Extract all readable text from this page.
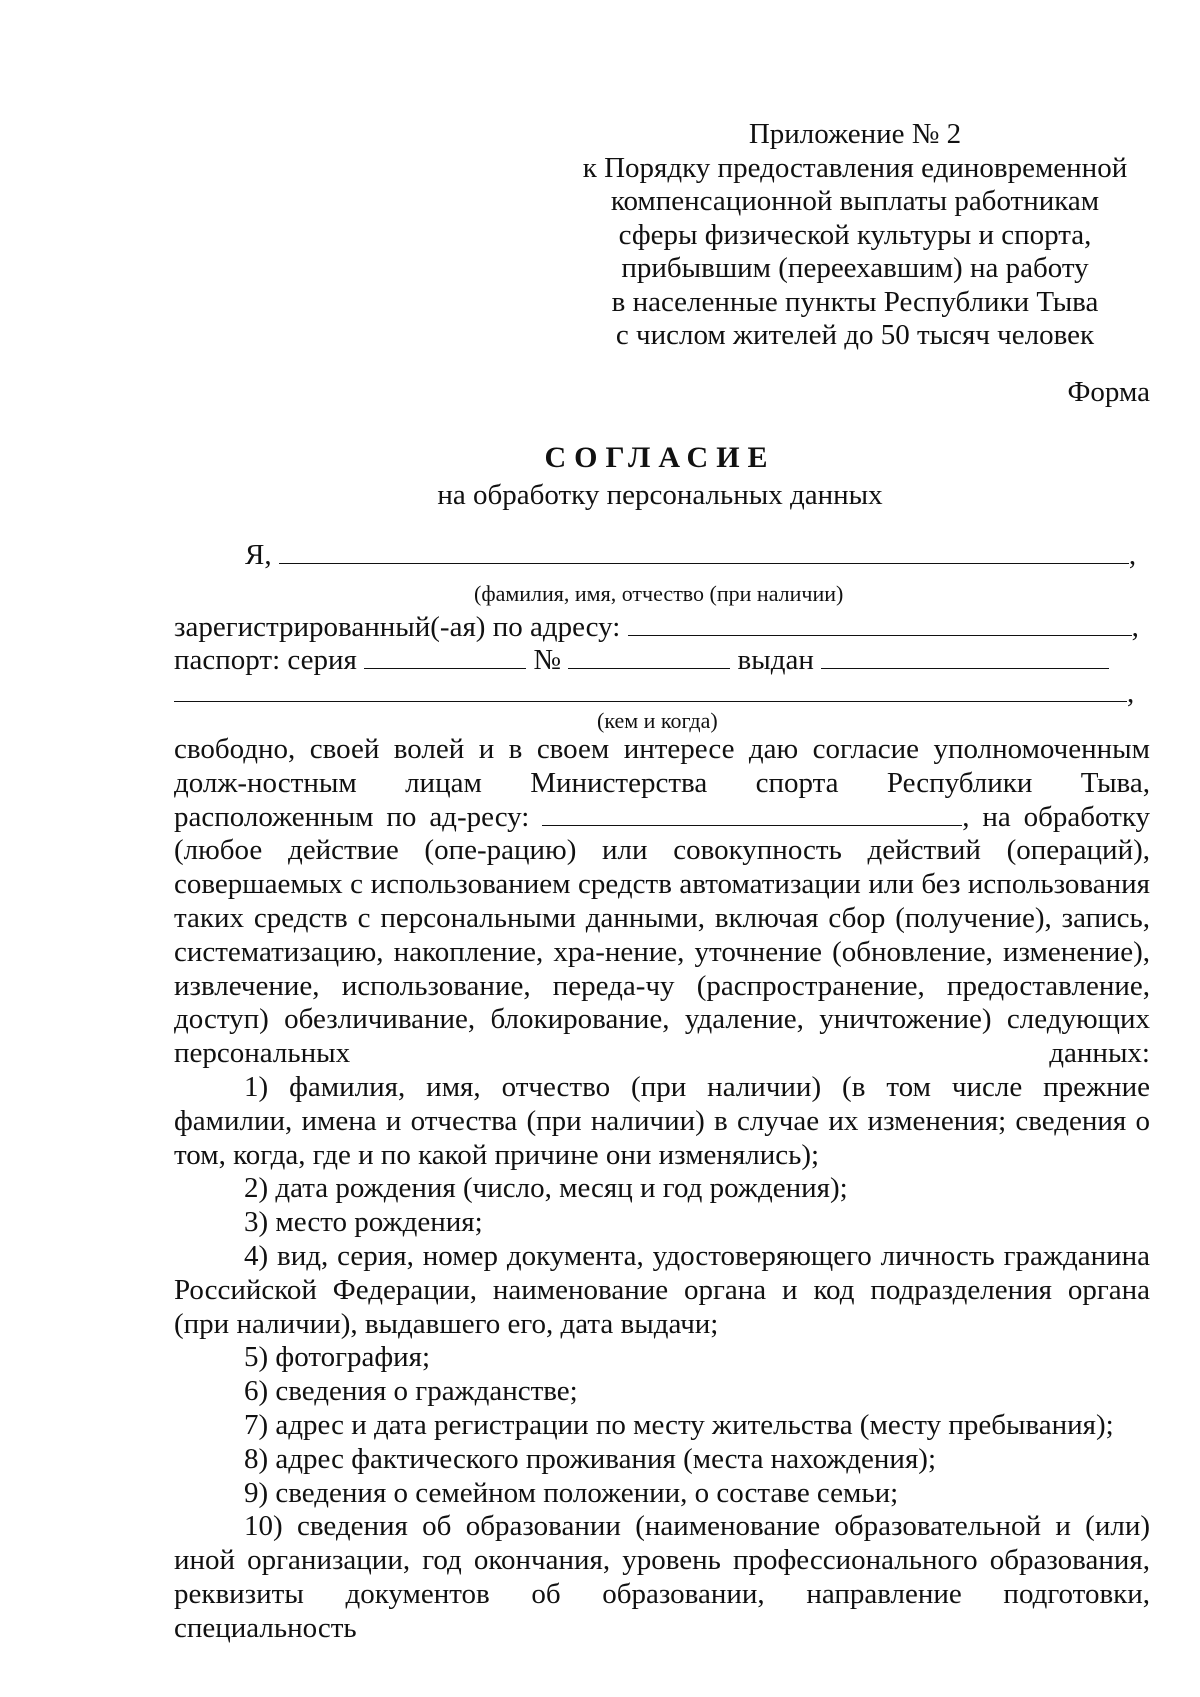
Приложение № 2
к Порядку предоставления единовременной
компенсационной выплаты работникам
сферы физической культуры и спорта,
прибывшим (переехавшим) на работу
в населенные пункты Республики Тыва
с числом жителей до 50 тысяч человек
Форма
СОГЛАСИЕ
на обработку персональных данных
Я,	,
(фамилия, имя, отчество (при наличии)
зарегистрированный(-ая) по адресу:	,
паспорт: серия	№	выдан
,
(кем и когда)

свободно, своей волей и в своем интересе даю согласие уполномоченным долж-ностным лицам Министерства спорта Республики Тыва, расположенным по ад-ресу:	, на обработку (любое действие (опе-рацию) или совокупность действий (операций), совершаемых с использованием средств автоматизации или без использования таких средств с персональными данными, включая сбор (получение), запись, систематизацию, накопление, хра-нение, уточнение (обновление, изменение), извлечение, использование, переда-чу (распространение, предоставление, доступ) обезличивание, блокирование, удаление, уничтожение) следующих персональных данных:

1) фамилия, имя, отчество (при наличии) (в том числе прежние фамилии, имена и отчества (при наличии) в случае их изменения; сведения о том, когда, где и по какой причине они изменялись);

2) дата рождения (число, месяц и год рождения);

3) место рождения;

4) вид, серия, номер документа, удостоверяющего личность гражданина Российской Федерации, наименование органа и код подразделения органа (при наличии), выдавшего его, дата выдачи;

5) фотография;

6) сведения о гражданстве;

7) адрес и дата регистрации по месту жительства (месту пребывания);

8) адрес фактического проживания (места нахождения);

9) сведения о семейном положении, о составе семьи;

10) сведения об образовании (наименование образовательной и (или) иной организации, год окончания, уровень профессионального образования, реквизиты документов об образовании, направление подготовки, специальность
